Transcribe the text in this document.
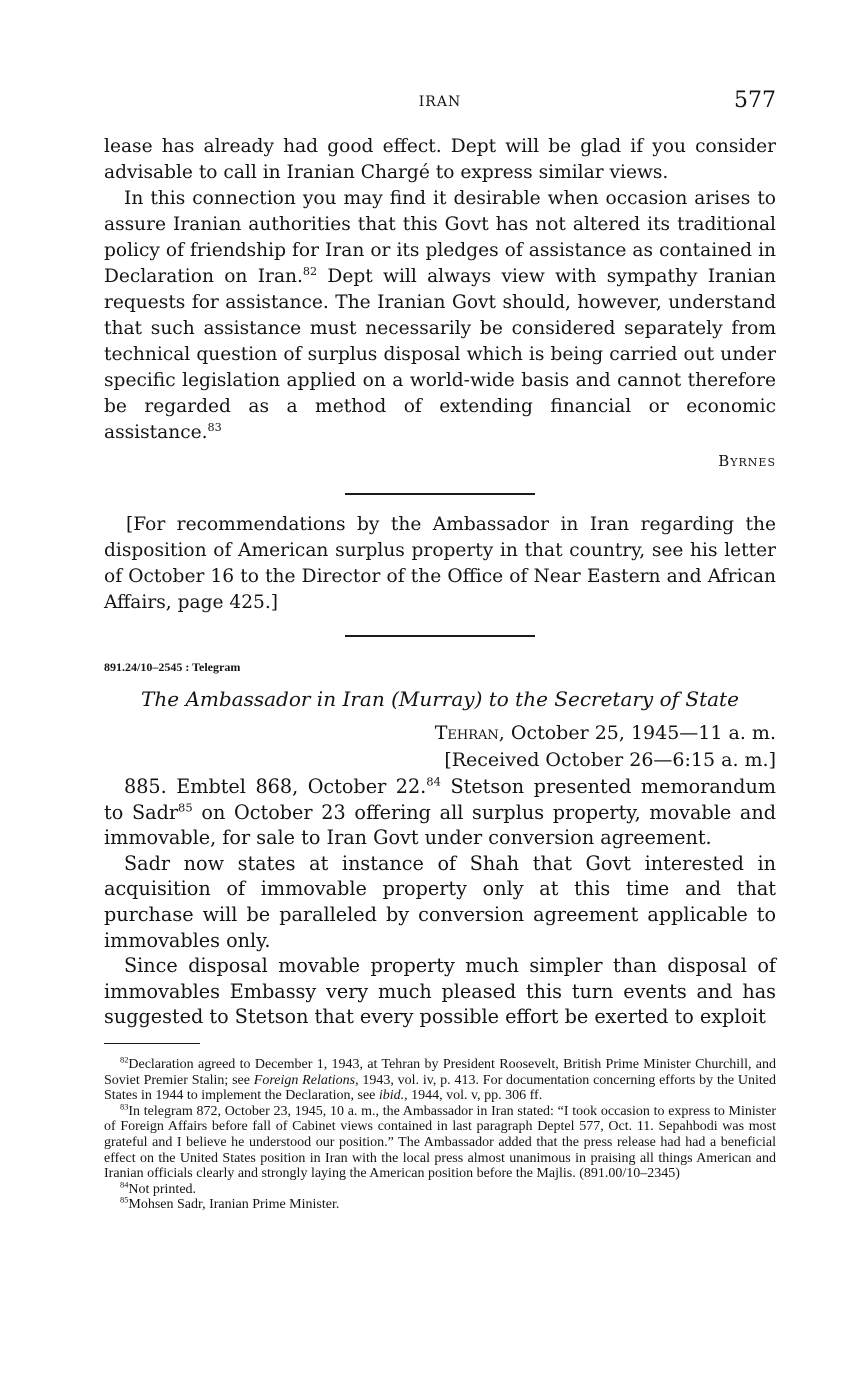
IRAN	577

lease has already had good effect. Dept will be glad if you consider advisable to call in Iranian Chargé to express similar views.

In this connection you may find it desirable when occasion arises to assure Iranian authorities that this Govt has not altered its traditional policy of friendship for Iran or its pledges of assistance as contained in Declaration on Iran.$^{82}$ Dept will always view with sympathy Iranian requests for assistance. The Iranian Govt should, however, understand that such assistance must necessarily be considered separately from technical question of surplus disposal which is being carried out under specific legislation applied on a world-wide basis and cannot therefore be regarded as a method of extending financial or economic assistance.$^{83}$

Byrnes

[For recommendations by the Ambassador in Iran regarding the disposition of American surplus property in that country, see his letter of October 16 to the Director of the Office of Near Eastern and African Affairs, page 425.]

891.24/10–2545 : Telegram
The Ambassador in Iran (Murray) to the Secretary of State
Tehran, October 25, 1945—11 a. m.
[Received October 26—6:15 a. m.]

885. Embtel 868, October 22.84 Stetson presented memorandum to Sadr$^{85}$ on October 23 offering all surplus property, movable and immovable, for sale to Iran Govt under conversion agreement.

Sadr now states at instance of Shah that Govt interested in acquisition of immovable property only at this time and that purchase will be paralleled by conversion agreement applicable to immovables only.

Since disposal movable property much simpler than disposal of immovables Embassy very much pleased this turn events and has suggested to Stetson that every possible effort be exerted to exploit

$^{82}$Declaration agreed to December 1, 1943, at Tehran by President Roosevelt, British Prime Minister Churchill, and Soviet Premier Stalin; see Foreign Relations, 1943, vol. iv, p. 413. For documentation concerning efforts by the United States in 1944 to implement the Declaration, see ibid., 1944, vol. v, pp. 306 ff.

$^{83}$In telegram 872, October 23, 1945, 10 a. m., the Ambassador in Iran stated: “I took occasion to express to Minister of Foreign Affairs before fall of Cabinet views contained in last paragraph Deptel 577, Oct. 11. Sepahbodi was most grateful and I believe he understood our position.” The Ambassador added that the press release had had a beneficial effect on the United States position in Iran with the local press almost unanimous in praising all things American and Iranian officials clearly and strongly laying the American position before the Majlis. (891.00/10–2345)

$^{84}$Not printed.

$^{85}$Mohsen Sadr, Iranian Prime Minister.
